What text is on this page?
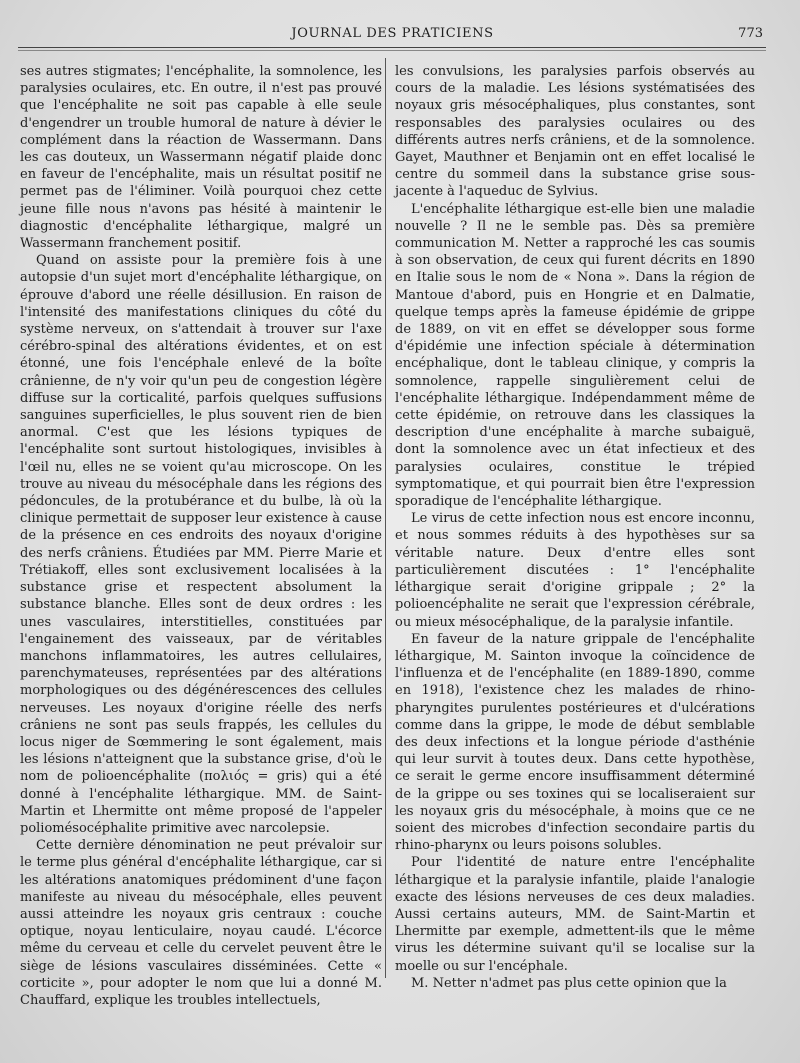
JOURNAL DES PRATICIENS	773

ses autres stigmates; l'encéphalite, la somnolence, les paralysies oculaires, etc. En outre, il n'est pas prouvé que l'encéphalite ne soit pas capable à elle seule d'engendrer un trouble humoral de nature à dévier le complément dans la réaction de Wassermann. Dans les cas douteux, un Wassermann négatif plaide donc en faveur de l'encéphalite, mais un résultat positif ne permet pas de l'éliminer. Voilà pourquoi chez cette jeune fille nous n'avons pas hésité à maintenir le diagnostic d'encéphalite léthargique, malgré un Wassermann franchement positif.

Quand on assiste pour la première fois à une autopsie d'un sujet mort d'encéphalite léthargique, on éprouve d'abord une réelle désillusion. En raison de l'intensité des manifestations cliniques du côté du système nerveux, on s'attendait à trouver sur l'axe cérébro-spinal des altérations évidentes, et on est étonné, une fois l'encéphale enlevé de la boîte crânienne, de n'y voir qu'un peu de congestion légère diffuse sur la corticalité, parfois quelques suffusions sanguines superficielles, le plus souvent rien de bien anormal. C'est que les lésions typiques de l'encéphalite sont surtout histologiques, invisibles à l'œil nu, elles ne se voient qu'au microscope. On les trouve au niveau du mésocéphale dans les régions des pédoncules, de la protubérance et du bulbe, là où la clinique permettait de supposer leur existence à cause de la présence en ces endroits des noyaux d'origine des nerfs crâniens. Étudiées par MM. Pierre Marie et Trétiakoff, elles sont exclusivement localisées à la substance grise et respectent absolument la substance blanche. Elles sont de deux ordres : les unes vasculaires, interstitielles, constituées par l'engainement des vaisseaux, par de véritables manchons inflammatoires, les autres cellulaires, parenchymateuses, représentées par des altérations morphologiques ou des dégénérescences des cellules nerveuses. Les noyaux d'origine réelle des nerfs crâniens ne sont pas seuls frappés, les cellules du locus niger de Sœmmering le sont également, mais les lésions n'atteignent que la substance grise, d'où le nom de polioencéphalite (πολιός = gris) qui a été donné à l'encéphalite léthargique. MM. de Saint-Martin et Lhermitte ont même proposé de l'appeler poliomésocéphalite primitive avec narcolepsie.

Cette dernière dénomination ne peut prévaloir sur le terme plus général d'encéphalite léthargique, car si les altérations anatomiques prédominent d'une façon manifeste au niveau du mésocéphale, elles peuvent aussi atteindre les noyaux gris centraux : couche optique, noyau lenticulaire, noyau caudé. L'écorce même du cerveau et celle du cervelet peuvent être le siège de lésions vasculaires disséminées. Cette « corticite », pour adopter le nom que lui a donné M. Chauffard, explique les troubles intellectuels,

les convulsions, les paralysies parfois observés au cours de la maladie. Les lésions systématisées des noyaux gris mésocéphaliques, plus constantes, sont responsables des paralysies oculaires ou des différents autres nerfs crâniens, et de la somnolence. Gayet, Mauthner et Benjamin ont en effet localisé le centre du sommeil dans la substance grise sous-jacente à l'aqueduc de Sylvius.

L'encéphalite léthargique est-elle bien une maladie nouvelle ? Il ne le semble pas. Dès sa première communication M. Netter a rapproché les cas soumis à son observation, de ceux qui furent décrits en 1890 en Italie sous le nom de « Nona ». Dans la région de Mantoue d'abord, puis en Hongrie et en Dalmatie, quelque temps après la fameuse épidémie de grippe de 1889, on vit en effet se développer sous forme d'épidémie une infection spéciale à détermination encéphalique, dont le tableau clinique, y compris la somnolence, rappelle singulièrement celui de l'encéphalite léthargique. Indépendamment même de cette épidémie, on retrouve dans les classiques la description d'une encéphalite à marche subaiguë, dont la somnolence avec un état infectieux et des paralysies oculaires, constitue le trépied symptomatique, et qui pourrait bien être l'expression sporadique de l'encéphalite léthargique.

Le virus de cette infection nous est encore inconnu, et nous sommes réduits à des hypothèses sur sa véritable nature. Deux d'entre elles sont particulièrement discutées : 1° l'encéphalite léthargique serait d'origine grippale ; 2° la polioencéphalite ne serait que l'expression cérébrale, ou mieux mésocéphalique, de la paralysie infantile.

En faveur de la nature grippale de l'encéphalite léthargique, M. Sainton invoque la coïncidence de l'influenza et de l'encéphalite (en 1889-1890, comme en 1918), l'existence chez les malades de rhino-pharyngites purulentes postérieures et d'ulcérations comme dans la grippe, le mode de début semblable des deux infections et la longue période d'asthénie qui leur survit à toutes deux. Dans cette hypothèse, ce serait le germe encore insuffisamment déterminé de la grippe ou ses toxines qui se localiseraient sur les noyaux gris du mésocéphale, à moins que ce ne soient des microbes d'infection secondaire partis du rhino-pharynx ou leurs poisons solubles.

Pour l'identité de nature entre l'encéphalite léthargique et la paralysie infantile, plaide l'analogie exacte des lésions nerveuses de ces deux maladies. Aussi certains auteurs, MM. de Saint-Martin et Lhermitte par exemple, admettent-ils que le même virus les détermine suivant qu'il se localise sur la moelle ou sur l'encéphale.

M. Netter n'admet pas plus cette opinion que la
